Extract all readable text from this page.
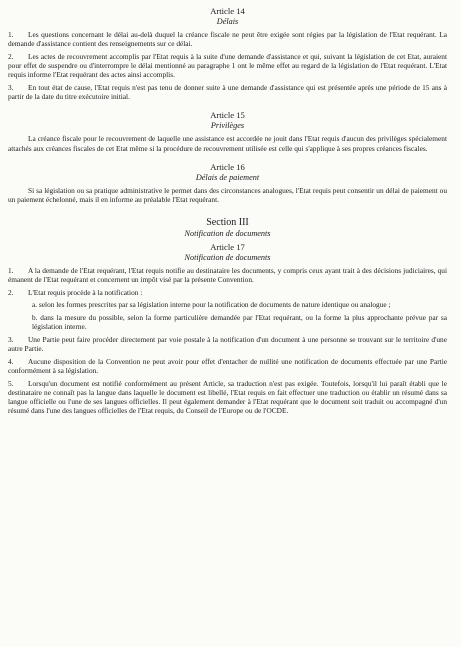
Article 14

Délais

1. Les questions concernant le délai au-delà duquel la créance fiscale ne peut être exigée sont régies par la législation de l'Etat requérant. La demande d'assistance contient des renseignements sur ce délai.

2. Les actes de recouvrement accomplis par l'Etat requis à la suite d'une demande d'assistance et qui, suivant la législation de cet Etat, auraient pour effet de suspendre ou d'interrompre le délai mentionné au paragraphe 1 ont le même effet au regard de la législation de l'Etat requérant. L'Etat requis informe l'Etat requérant des actes ainsi accomplis.

3. En tout état de cause, l'Etat requis n'est pas tenu de donner suite à une demande d'assistance qui est présentée après une période de 15 ans à partir de la date du titre exécutoire initial.

Article 15

Privilèges

La créance fiscale pour le recouvrement de laquelle une assistance est accordée ne jouit dans l'Etat requis d'aucun des privilèges spécialement attachés aux créances fiscales de cet Etat même si la procédure de recouvrement utilisée est celle qui s'applique à ses propres créances fiscales.

Article 16

Délais de paiement

Si sa législation ou sa pratique administrative le permet dans des circonstances analogues, l'Etat requis peut consentir un délai de paiement ou un paiement échelonné, mais il en informe au préalable l'Etat requérant.

Section III

Notification de documents

Article 17

Notification de documents

1. A la demande de l'Etat requérant, l'Etat requis notifie au destinataire les documents, y compris ceux ayant trait à des décisions judiciaires, qui émanent de l'Etat requérant et concernent un impôt visé par la présente Convention.

2. L'Etat requis procède à la notification :

a. selon les formes prescrites par sa législation interne pour la notification de documents de nature identique ou analogue ;

b. dans la mesure du possible, selon la forme particulière demandée par l'Etat requérant, ou la forme la plus approchante prévue par sa législation interne.

3. Une Partie peut faire procéder directement par voie postale à la notification d'un document à une personne se trouvant sur le territoire d'une autre Partie.

4. Aucune disposition de la Convention ne peut avoir pour effet d'entacher de nullité une notification de documents effectuée par une Partie conformément à sa législation.

5. Lorsqu'un document est notifié conformément au présent Article, sa traduction n'est pas exigée. Toutefois, lorsqu'il lui paraît établi que le destinataire ne connaît pas la langue dans laquelle le document est libellé, l'Etat requis en fait effectuer une traduction ou établir un résumé dans sa langue officielle ou l'une de ses langues officielles. Il peut également demander à l'Etat requérant que le document soit traduit ou accompagné d'un résumé dans l'une des langues officielles de l'Etat requis, du Conseil de l'Europe ou de l'OCDE.
